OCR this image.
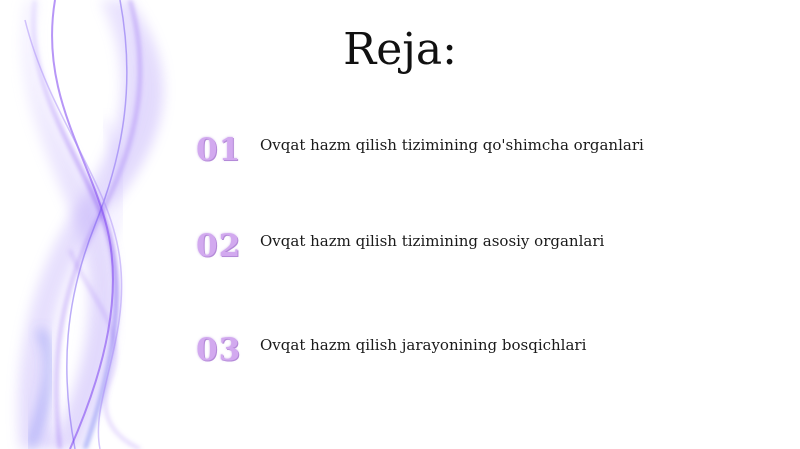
Reja:
01	Ovqat hazm qilish tizimining qo'shimcha organlari
02	Ovqat hazm qilish tizimining asosiy organlari
03	Ovqat hazm qilish jarayonining bosqichlari
